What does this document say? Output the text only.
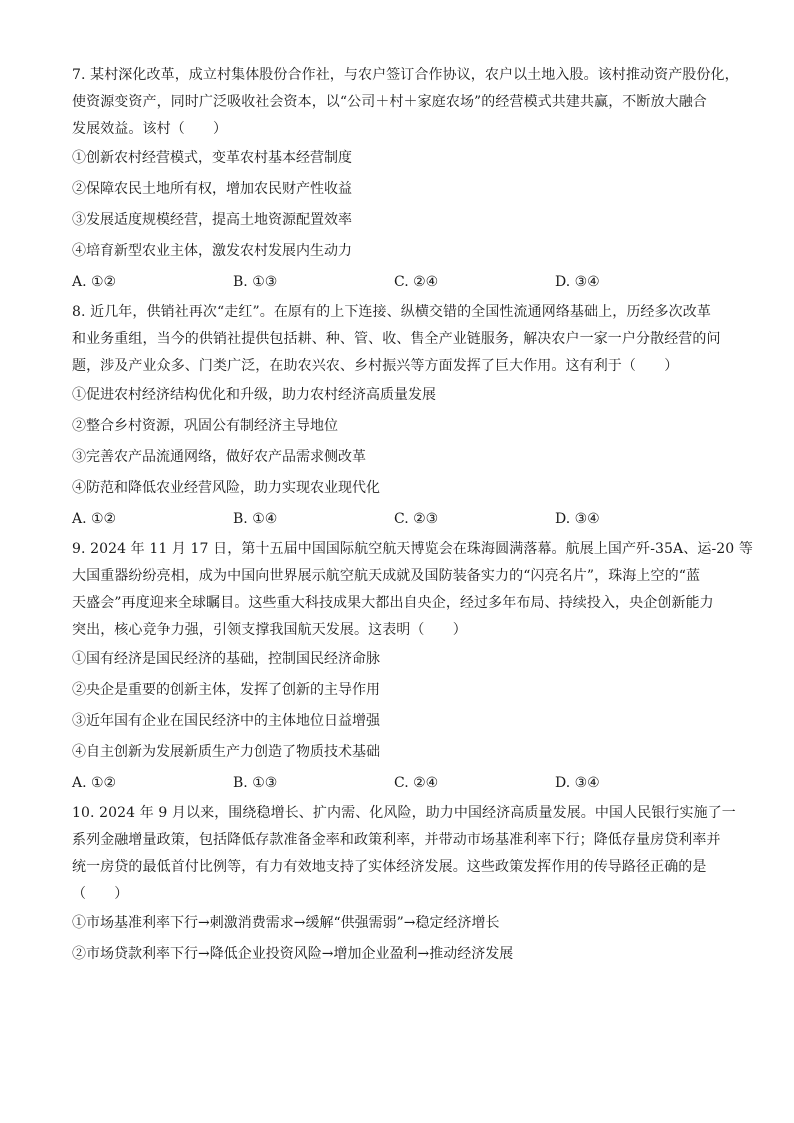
7. 某村深化改革，成立村集体股份合作社，与农户签订合作协议，农户以土地入股。该村推动资产股份化，
使资源变资产，同时广泛吸收社会资本，以“公司＋村＋家庭农场”的经营模式共建共赢，不断放大融合
发展效益。该村（　　）

①创新农村经营模式，变革农村基本经营制度

②保障农民土地所有权，增加农民财产性收益

③发展适度规模经营，提高土地资源配置效率

④培育新型农业主体，激发农村发展内生动力

A. ①②	B. ①③	C. ②④	D. ③④

8. 近几年，供销社再次“走红”。在原有的上下连接、纵横交错的全国性流通网络基础上，历经多次改革
和业务重组，当今的供销社提供包括耕、种、管、收、售全产业链服务，解决农户一家一户分散经营的问
题，涉及产业众多、门类广泛，在助农兴农、乡村振兴等方面发挥了巨大作用。这有利于（　　）

①促进农村经济结构优化和升级，助力农村经济高质量发展

②整合乡村资源，巩固公有制经济主导地位

③完善农产品流通网络，做好农产品需求侧改革

④防范和降低农业经营风险，助力实现农业现代化

A. ①②	B. ①④	C. ②③	D. ③④

9. 2024 年 11 月 17 日，第十五届中国国际航空航天博览会在珠海圆满落幕。航展上国产歼-35A、运-20 等
大国重器纷纷亮相，成为中国向世界展示航空航天成就及国防装备实力的“闪亮名片”，珠海上空的“蓝
天盛会”再度迎来全球瞩目。这些重大科技成果大都出自央企，经过多年布局、持续投入，央企创新能力
突出，核心竞争力强，引领支撑我国航天发展。这表明（　　）

①国有经济是国民经济的基础，控制国民经济命脉

②央企是重要的创新主体，发挥了创新的主导作用

③近年国有企业在国民经济中的主体地位日益增强

④自主创新为发展新质生产力创造了物质技术基础

A. ①②	B. ①③	C. ②④	D. ③④

10. 2024 年 9 月以来，围绕稳增长、扩内需、化风险，助力中国经济高质量发展。中国人民银行实施了一
系列金融增量政策，包括降低存款准备金率和政策利率，并带动市场基准利率下行；降低存量房贷利率并
统一房贷的最低首付比例等，有力有效地支持了实体经济发展。这些政策发挥作用的传导路径正确的是
（　　）

①市场基准利率下行→刺激消费需求→缓解“供强需弱”→稳定经济增长

②市场贷款利率下行→降低企业投资风险→增加企业盈利→推动经济发展
